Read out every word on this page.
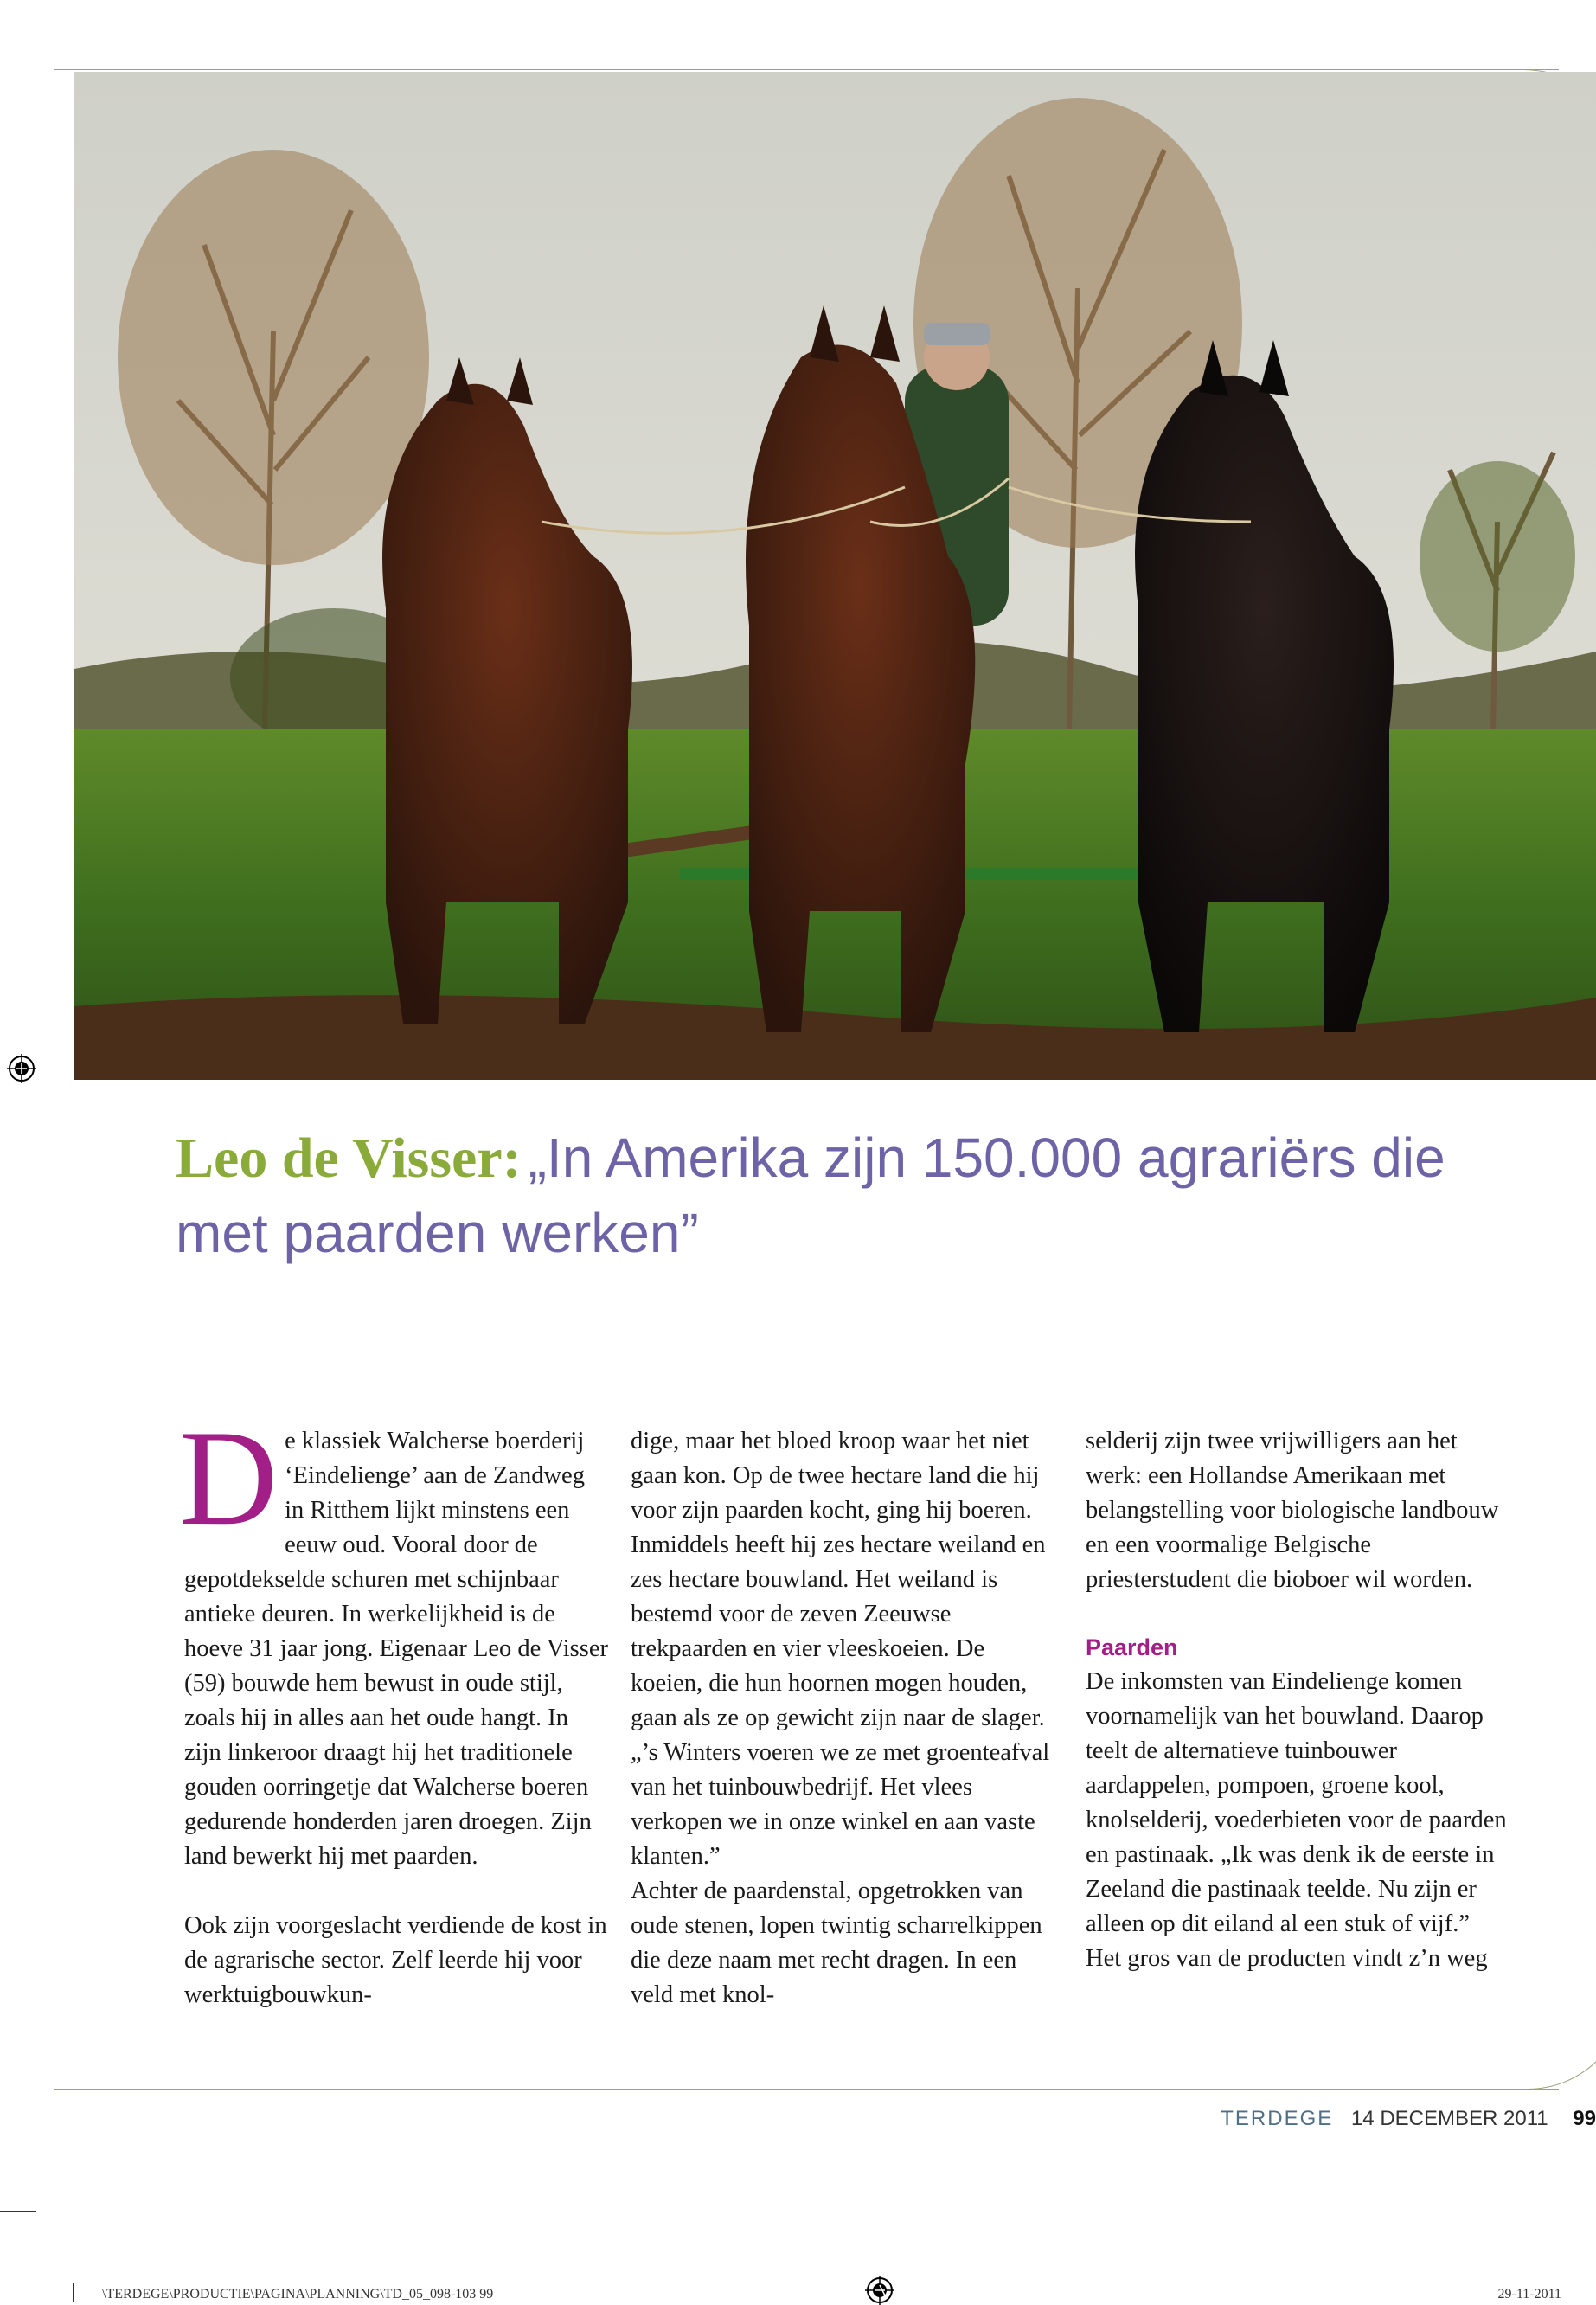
Leo de Visser: „In Amerika zijn 150.000 agrariërs die met paarden werken”
D e klassiek Walcherse boerderij ‘Eindelienge’ aan de Zandweg in Ritthem lijkt minstens een eeuw oud. Vooral door de gepotdekselde schuren met schijnbaar antieke deuren. In werkelijkheid is de hoeve 31 jaar jong. Eigenaar Leo de Visser (59) bouwde hem bewust in oude stijl, zoals hij in alles aan het oude hangt. In zijn linkeroor draagt hij het traditionele gouden oorringetje dat Walcherse boeren gedurende honderden jaren droegen. Zijn land bewerkt hij met paarden.

Ook zijn voorgeslacht verdiende de kost in de agrarische sector. Zelf leerde hij voor werktuigbouwkun-

dige, maar het bloed kroop waar het niet gaan kon. Op de twee hectare land die hij voor zijn paarden kocht, ging hij boeren. Inmiddels heeft hij zes hectare weiland en zes hectare bouwland. Het weiland is bestemd voor de zeven Zeeuwse trekpaarden en vier vleeskoeien. De koeien, die hun hoornen mogen houden, gaan als ze op gewicht zijn naar de slager. „’s Winters voeren we ze met groenteafval van het tuinbouwbedrijf. Het vlees verkopen we in onze winkel en aan vaste klanten.”

Achter de paardenstal, opgetrokken van oude stenen, lopen twintig scharrelkippen die deze naam met recht dragen. In een veld met knol-

selderij zijn twee vrijwilligers aan het werk: een Hollandse Amerikaan met belangstelling voor biologische landbouw en een voormalige Belgische priesterstudent die bioboer wil worden.

Paarden

De inkomsten van Eindelienge komen voornamelijk van het bouwland. Daarop teelt de alternatieve tuinbouwer aardappelen, pompoen, groene kool, knolselderij, voederbieten voor de paarden en pastinaak. „Ik was denk ik de eerste in Zeeland die pastinaak teelde. Nu zijn er alleen op dit eiland al een stuk of vijf.” Het gros van de producten vindt z’n weg

TERDEGE 14 DECEMBER 2011 99
\TERDEGE\PRODUCTIE\PAGINA\PLANNING\TD_05_098-103 99	29-11-2011
